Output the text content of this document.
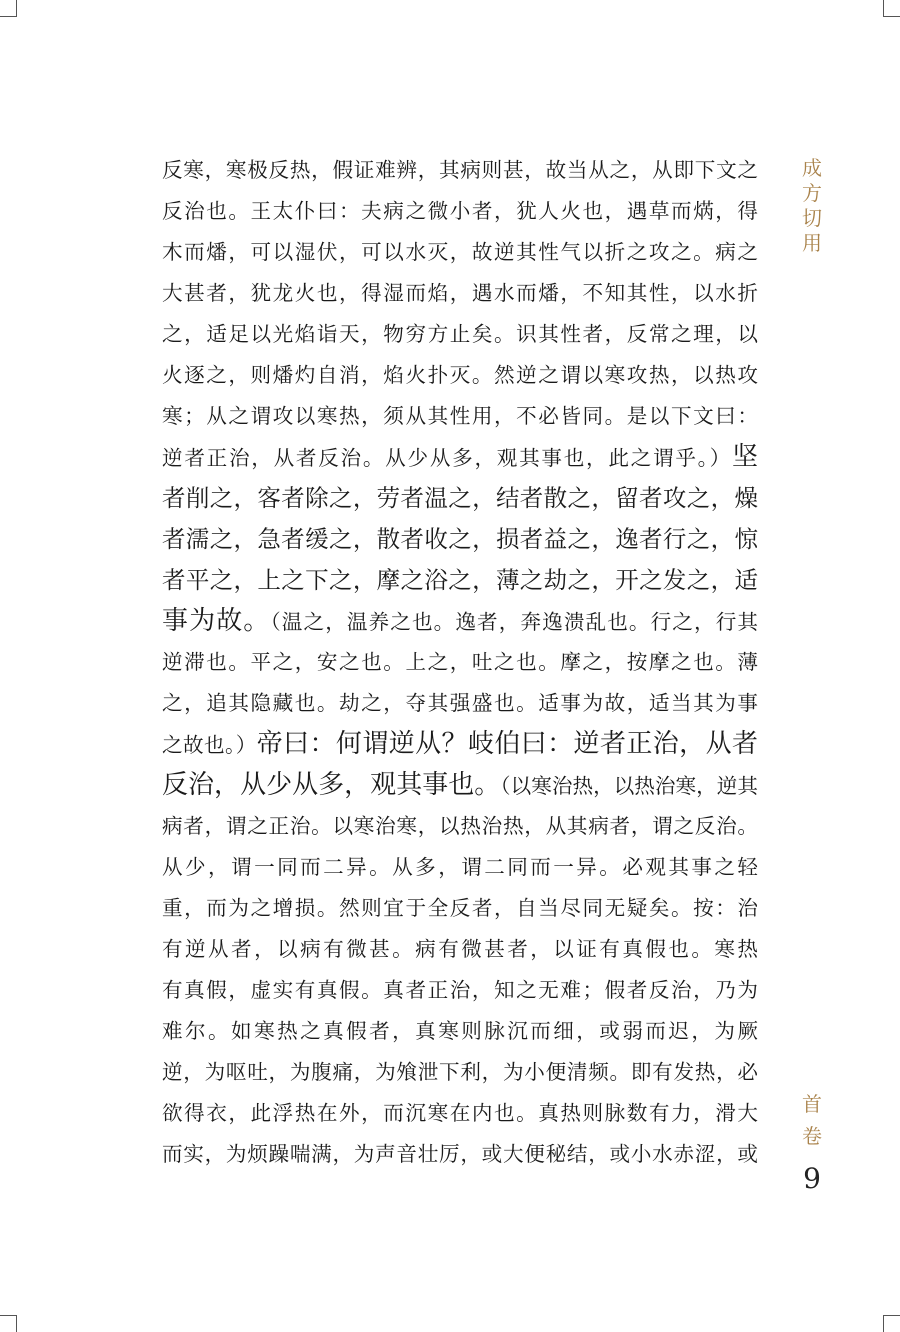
成方切用
首卷
9
反寒，寒极反热，假证难辨，其病则甚，故当从之，从即下文之
反治也。王太仆曰：夫病之微小者，犹人火也，遇草而焫，得
木而燔，可以湿伏，可以水灭，故逆其性气以折之攻之。病之
大甚者，犹龙火也，得湿而焰，遇水而燔，不知其性，以水折
之，适足以光焰诣天，物穷方止矣。识其性者，反常之理，以
火逐之，则燔灼自消，焰火扑灭。然逆之谓以寒攻热，以热攻
寒；从之谓攻以寒热，须从其性用，不必皆同。是以下文曰：
逆者正治，从者反治。从少从多，观其事也，此之谓乎。）坚
者削之，客者除之，劳者温之，结者散之，留者攻之，燥
者濡之，急者缓之，散者收之，损者益之，逸者行之，惊
者平之，上之下之，摩之浴之，薄之劫之，开之发之，适
事为故。（温之，温养之也。逸者，奔逸溃乱也。行之，行其
逆滞也。平之，安之也。上之，吐之也。摩之，按摩之也。薄
之，追其隐藏也。劫之，夺其强盛也。适事为故，适当其为事
之故也。）帝曰：何谓逆从？岐伯曰：逆者正治，从者
反治，从少从多，观其事也。（以寒治热，以热治寒，逆其
病者，谓之正治。以寒治寒，以热治热，从其病者，谓之反治。
从少，谓一同而二异。从多，谓二同而一异。必观其事之轻
重，而为之增损。然则宜于全反者，自当尽同无疑矣。按：治
有逆从者，以病有微甚。病有微甚者，以证有真假也。寒热
有真假，虚实有真假。真者正治，知之无难；假者反治，乃为
难尔。如寒热之真假者，真寒则脉沉而细，或弱而迟，为厥
逆，为呕吐，为腹痛，为飧泄下利，为小便清频。即有发热，必
欲得衣，此浮热在外，而沉寒在内也。真热则脉数有力，滑大
而实，为烦躁喘满，为声音壮厉，或大便秘结，或小水赤涩，或
